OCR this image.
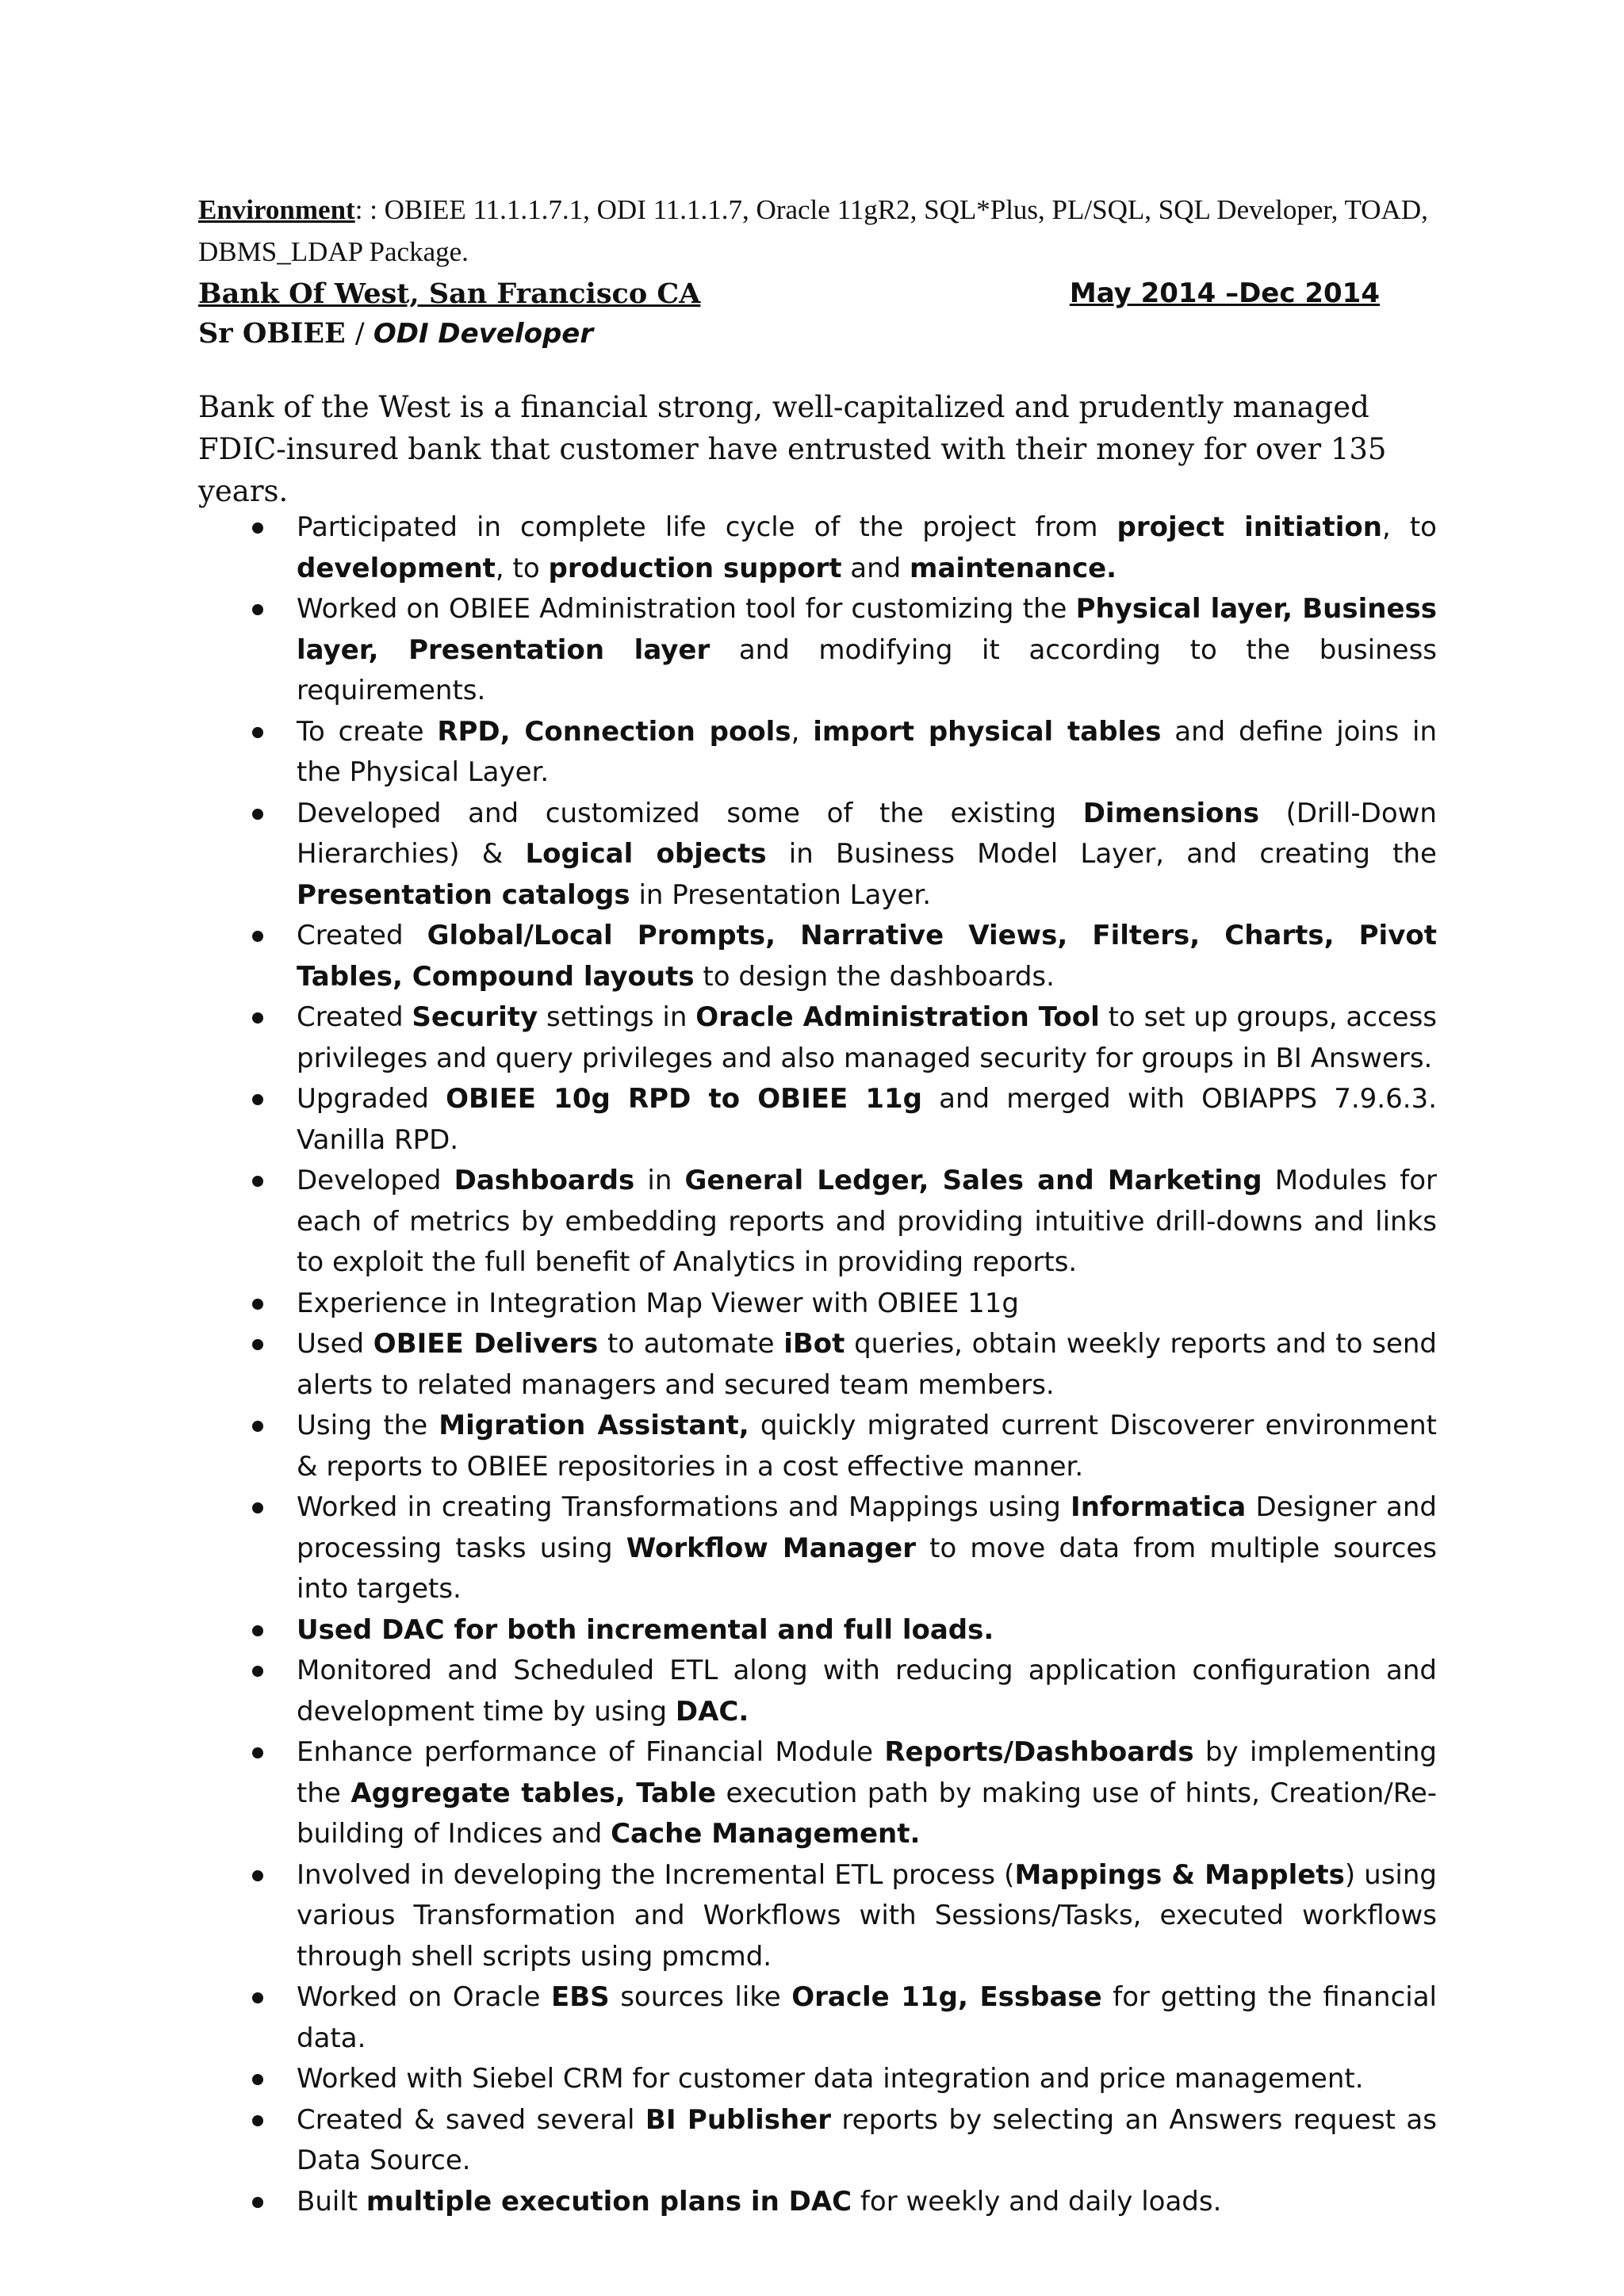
Environment: : OBIEE 11.1.1.7.1, ODI 11.1.1.7, Oracle 11gR2, SQL*Plus, PL/SQL, SQL Developer, TOAD, DBMS_LDAP Package.
Bank Of West, San Francisco CA	May 2014 –Dec 2014
Sr OBIEE / ODI Developer
Bank of the West is a financial strong, well-capitalized and prudently managed FDIC-insured bank that customer have entrusted with their money for over 135 years.
Participated in complete life cycle of the project from project initiation, to development, to production support and maintenance.
Worked on OBIEE Administration tool for customizing the Physical layer, Business layer, Presentation layer and modifying it according to the business requirements.
To create RPD, Connection pools, import physical tables and define joins in the Physical Layer.
Developed and customized some of the existing Dimensions (Drill-Down Hierarchies) & Logical objects in Business Model Layer, and creating the Presentation catalogs in Presentation Layer.
Created Global/Local Prompts, Narrative Views, Filters, Charts, Pivot Tables, Compound layouts to design the dashboards.
Created Security settings in Oracle Administration Tool to set up groups, access privileges and query privileges and also managed security for groups in BI Answers.
Upgraded OBIEE 10g RPD to OBIEE 11g and merged with OBIAPPS 7.9.6.3. Vanilla RPD.
Developed Dashboards in General Ledger, Sales and Marketing Modules for each of metrics by embedding reports and providing intuitive drill-downs and links to exploit the full benefit of Analytics in providing reports.
Experience in Integration Map Viewer with OBIEE 11g
Used OBIEE Delivers to automate iBot queries, obtain weekly reports and to send alerts to related managers and secured team members.
Using the Migration Assistant, quickly migrated current Discoverer environment & reports to OBIEE repositories in a cost effective manner.
Worked in creating Transformations and Mappings using Informatica Designer and processing tasks using Workflow Manager to move data from multiple sources into targets.
Used DAC for both incremental and full loads.
Monitored and Scheduled ETL along with reducing application configuration and development time by using DAC.
Enhance performance of Financial Module Reports/Dashboards by implementing the Aggregate tables, Table execution path by making use of hints, Creation/Re-building of Indices and Cache Management.
Involved in developing the Incremental ETL process (Mappings & Mapplets) using various Transformation and Workflows with Sessions/Tasks, executed workflows through shell scripts using pmcmd.
Worked on Oracle EBS sources like Oracle 11g, Essbase for getting the financial data.
Worked with Siebel CRM for customer data integration and price management.
Created & saved several BI Publisher reports by selecting an Answers request as Data Source.
Built multiple execution plans in DAC for weekly and daily loads.
